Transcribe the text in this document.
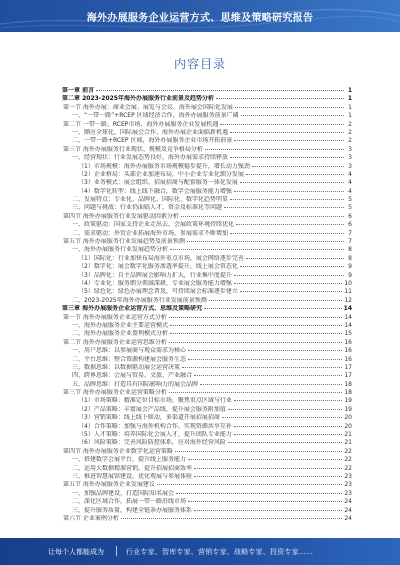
海外办展服务企业运营方式、思维及策略研究报告
内容目录
第一章 前言	1
第二章 2023-2025年海外办展服务行业前景及趋势分析	1
第一节 海外办展：商业会展、展览与会议、海外展会国际化发展	1
一、“一带一路”+RCEP 区域经济合作，海外办展服务前景广阔	1
第二节 一带一路、RCEP市场，海外办展服务企业发展机遇	2
一、顺应全球化，国际展会合作、海外办展企业面临新机遇	2
二、一带一路+RCEP 区域，海外办展服务企业市场开拓前景	2
第三节 海外办展服务行业现状、规模及竞争格局分析	3
一、经营现状：行业发展态势良好，海外办展需求持续释放	3
（1）市场规模：海外办展服务市场规模稳步提升，增长动力强劲	3
（2）企业格局：头部企业加速布局，中小企业专业化细分发展	4
（3）业务模式：展会组织、招展招商与配套服务一体化发展	4
（4）数字化转型：线上线下融合，数字会展服务能力增强	4
二、发展特点：专业化、品牌化、国际化、数字化趋势明显	5
三、问题与挑战：行业仍面临人才、资金及标准化等问题	5
第四节 海外办展服务行业发展驱动因素分析	6
一、政策驱动：国家支持企业走出去，会展政策环境持续优化	6
二、需求驱动：外贸企业拓展海外市场，参展需求不断增加	7
第五节 海外办展服务行业发展趋势及前景预测	7
一、海外办展服务行业发展趋势分析	8
（1）国际化：行业加快布局海外重点市场，展会网络逐步完善	8
（2）数字化：展会数字化服务渗透率提升，线上展会常态化	9
（3）品牌化：自主品牌展会影响力扩大，行业集中度提升	9
（4）专业化：服务细分领域深耕，专业展会服务能力增强	10
（5）绿色化：绿色办展理念普及，可持续展会标准逐步建立	11
二、2023-2025年海外办展服务行业发展前景预测	12
第三章 海外办展服务企业运营方式、思维及策略研究	14
第一节 海外办展服务企业运营方式分析	14
一、海外办展服务企业主要运营模式	14
二、海外办展服务企业盈利模式分析	15
第二节 海外办展服务企业运营思维分析	16
一、用户思维：以参展商与观众需求为核心	16
二、平台思维：整合资源构建展会服务生态	16
三、数据思维：以数据驱动展会运营决策	17
四、跨界思维：会展与贸易、文旅、产业融合	17
五、品牌思维：打造具有国际影响力的展会品牌	18
第三节 海外办展服务企业运营策略分析	18
（1）市场策略：精准定位目标市场，聚焦重点区域与行业	19
（2）产品策略：丰富展会产品线，提升展会服务附加值	19
（3）营销策略：线上线下联动，多渠道开展招展招商	20
（4）合作策略：加强与海外机构合作，实现资源共享互补	20
（5）人才策略：培养国际化会展人才，提升团队专业能力	21
（6）风险策略：完善风险防控体系，应对海外经营风险	21
第四节 海外办展服务企业数字化运营策略	22
一、搭建数字会展平台，提升线上服务能力	22
二、运用大数据精准营销，提升招展招商效率	22
三、推进智慧展馆建设，优化观展与参展体验	23
第五节 海外办展服务企业发展建议	23
一、加强品牌建设，打造国际知名展会	23
二、深化区域合作，拓展一带一路沿线市场	24
三、提升服务质量，构建全链条办展服务体系	24
第六节 企业案例分析	24
让每个人都能成为	行业专家、智库专家、营销专家、战略专家、投资专家……
